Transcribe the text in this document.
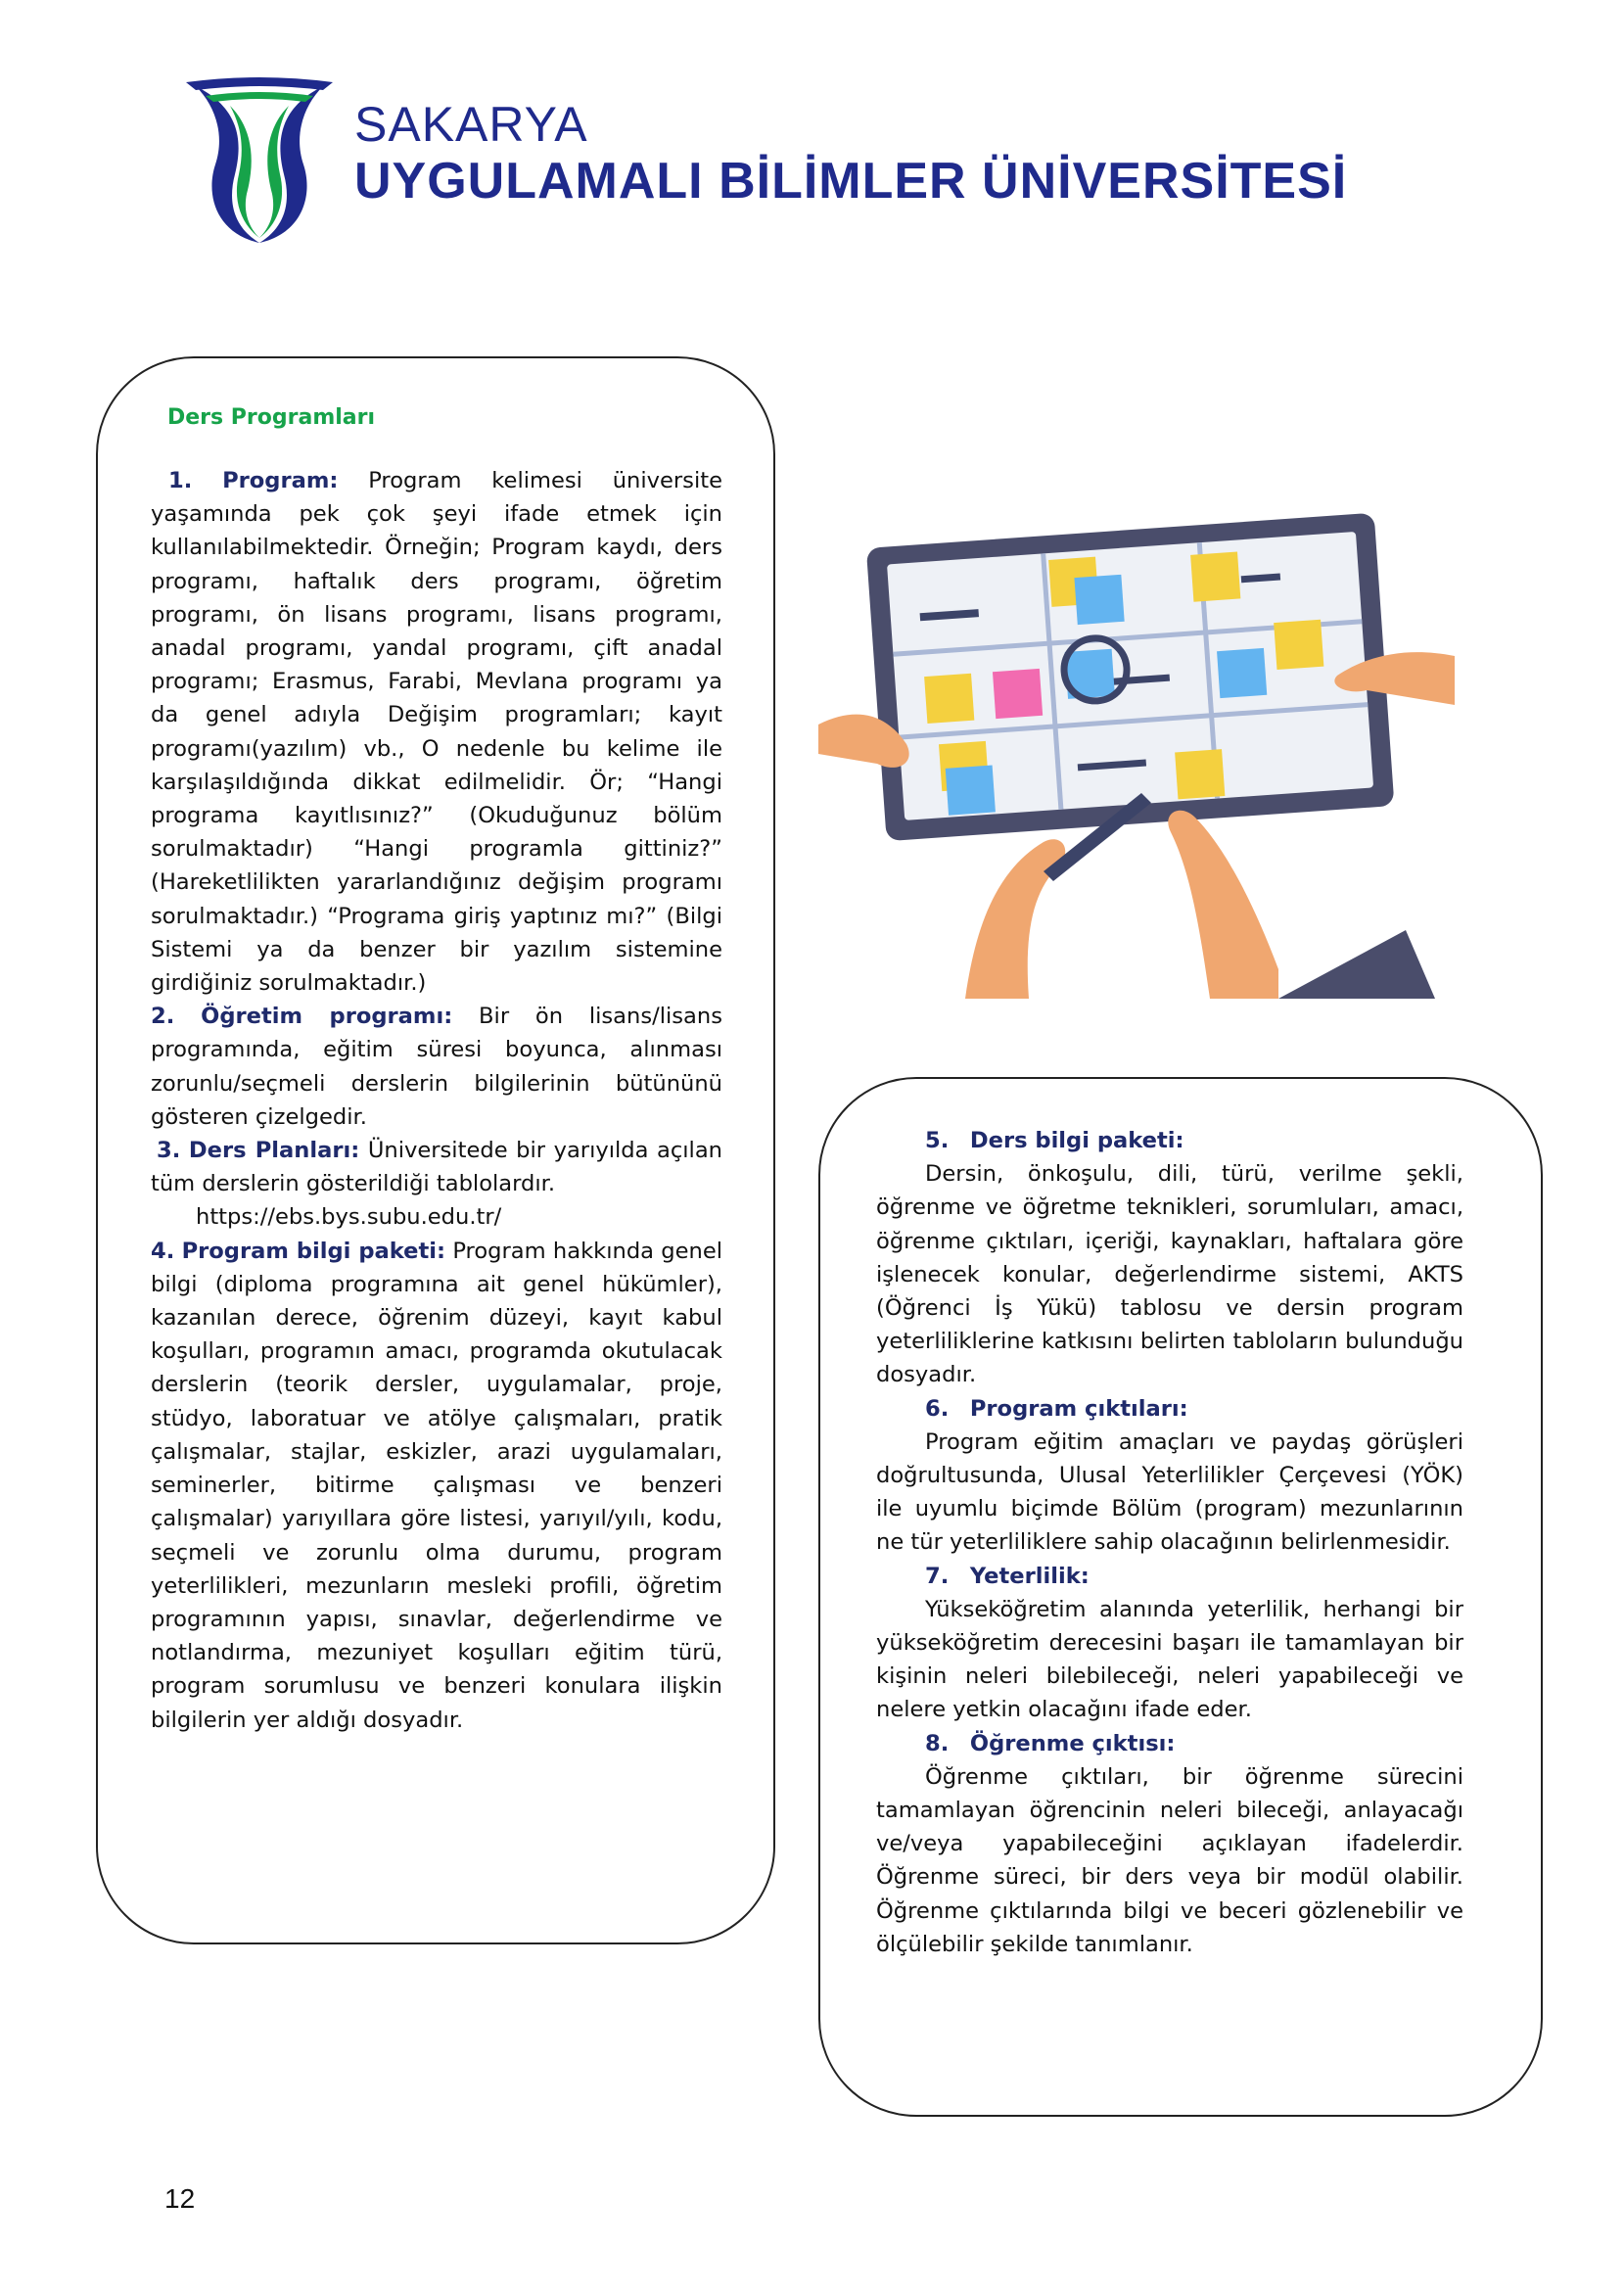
SAKARYA
UYGULAMALI BİLİMLER ÜNİVERSİTESİ
Ders Programları

1. Program: Program kelimesi üniversite yaşamında pek çok şeyi ifade etmek için kullanılabilmektedir. Örneğin; Program kaydı, ders programı, haftalık ders programı, öğretim programı, ön lisans programı, lisans programı, anadal programı, yandal programı, çift anadal programı; Erasmus, Farabi, Mevlana programı ya da genel adıyla Değişim programları; kayıt programı(yazılım) vb., O nedenle bu kelime ile karşılaşıldığında dikkat edilmelidir. Ör; “Hangi programa kayıtlısınız?” (Okuduğunuz bölüm sorulmaktadır) “Hangi programla gittiniz?” (Hareketlilikten yararlandığınız değişim programı sorulmaktadır.) “Programa giriş yaptınız mı?” (Bilgi Sistemi ya da benzer bir yazılım sistemine girdiğiniz sorulmaktadır.)

2. Öğretim programı: Bir ön lisans/lisans programında, eğitim süresi boyunca, alınması zorunlu/seçmeli derslerin bilgilerinin bütününü gösteren çizelgedir.

3. Ders Planları: Üniversitede bir yarıyılda açılan tüm derslerin gösterildiği tablolardır.

https://ebs.bys.subu.edu.tr/

4. Program bilgi paketi: Program hakkında genel bilgi (diploma programına ait genel hükümler), kazanılan derece, öğrenim düzeyi, kayıt kabul koşulları, programın amacı, programda okutulacak derslerin (teorik dersler, uygulamalar, proje, stüdyo, laboratuar ve atölye çalışmaları, pratik çalışmalar, stajlar, eskizler, arazi uygulamaları, seminerler, bitirme çalışması ve benzeri çalışmalar) yarıyıllara göre listesi, yarıyıl/yılı, kodu, seçmeli ve zorunlu olma durumu, program yeterlilikleri, mezunların mesleki profili, öğretim programının yapısı, sınavlar, değerlendirme ve notlandırma, mezuniyet koşulları eğitim türü, program sorumlusu ve benzeri konulara ilişkin bilgilerin yer aldığı dosyadır.

5. Ders bilgi paketi:

Dersin, önkoşulu, dili, türü, verilme şekli, öğrenme ve öğretme teknikleri, sorumluları, amacı, öğrenme çıktıları, içeriği, kaynakları, haftalara göre işlenecek konular, değerlendirme sistemi, AKTS (Öğrenci İş Yükü) tablosu ve dersin program yeterliliklerine katkısını belirten tabloların bulunduğu dosyadır.

6. Program çıktıları:

Program eğitim amaçları ve paydaş görüşleri doğrultusunda, Ulusal Yeterlilikler Çerçevesi (YÖK) ile uyumlu biçimde Bölüm (program) mezunlarının ne tür yeterliliklere sahip olacağının belirlenmesidir.

7. Yeterlilik:

Yükseköğretim alanında yeterlilik, herhangi bir yükseköğretim derecesini başarı ile tamamlayan bir kişinin neleri bilebileceği, neleri yapabileceği ve nelere yetkin olacağını ifade eder.

8. Öğrenme çıktısı:

Öğrenme çıktıları, bir öğrenme sürecini tamamlayan öğrencinin neleri bileceği, anlayacağı ve/veya yapabileceğini açıklayan ifadelerdir. Öğrenme süreci, bir ders veya bir modül olabilir. Öğrenme çıktılarında bilgi ve beceri gözlenebilir ve ölçülebilir şekilde tanımlanır.

12
